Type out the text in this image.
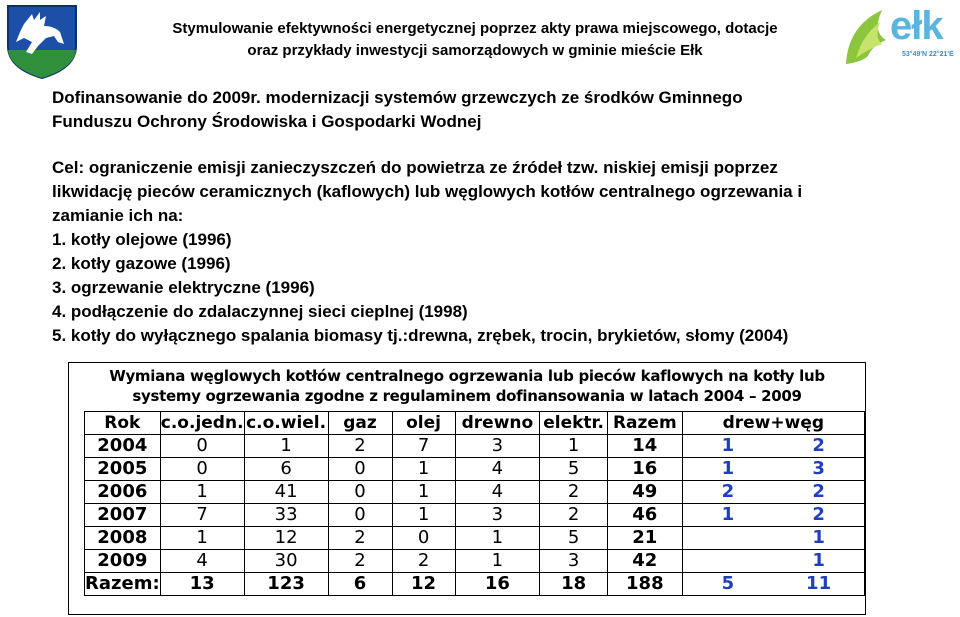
Stymulowanie efektywności energetycznej poprzez akty prawa miejscowego, dotacje
oraz przykłady inwestycji samorządowych w gminie mieście Ełk
ełk
53°49'N 22°21'E
Dofinansowanie do 2009r. modernizacji systemów grzewczych ze środków Gminnego
Funduszu Ochrony Środowiska i Gospodarki Wodnej
Cel: ograniczenie emisji zanieczyszczeń do powietrza ze źródeł tzw. niskiej emisji poprzez
likwidację pieców ceramicznych (kaflowych) lub węglowych kotłów centralnego ogrzewania i
zamianie ich na:
1. kotły olejowe (1996)
2. kotły gazowe (1996)
3. ogrzewanie elektryczne (1996)
4. podłączenie do zdalaczynnej sieci cieplnej (1998)
5. kotły do wyłącznego spalania biomasy tj.:drewna, zrębek, trocin, brykietów, słomy (2004)
Wymiana węglowych kotłów centralnego ogrzewania lub pieców kaflowych na kotły lub
systemy ogrzewania zgodne z regulaminem dofinansowania w latach 2004 – 2009
Rok	c.o.jedn.	c.o.wiel.	gaz	olej	drewno	elektr.	Razem	drew+węg	
2004	0	1	2	7	3	1	14	1	2
2005	0	6	0	1	4	5	16	1	3
2006	1	41	0	1	4	2	49	2	2
2007	7	33	0	1	3	2	46	1	2
2008	1	12	2	0	1	5	21		1
2009	4	30	2	2	1	3	42		1
Razem:	13	123	6	12	16	18	188	5	11
